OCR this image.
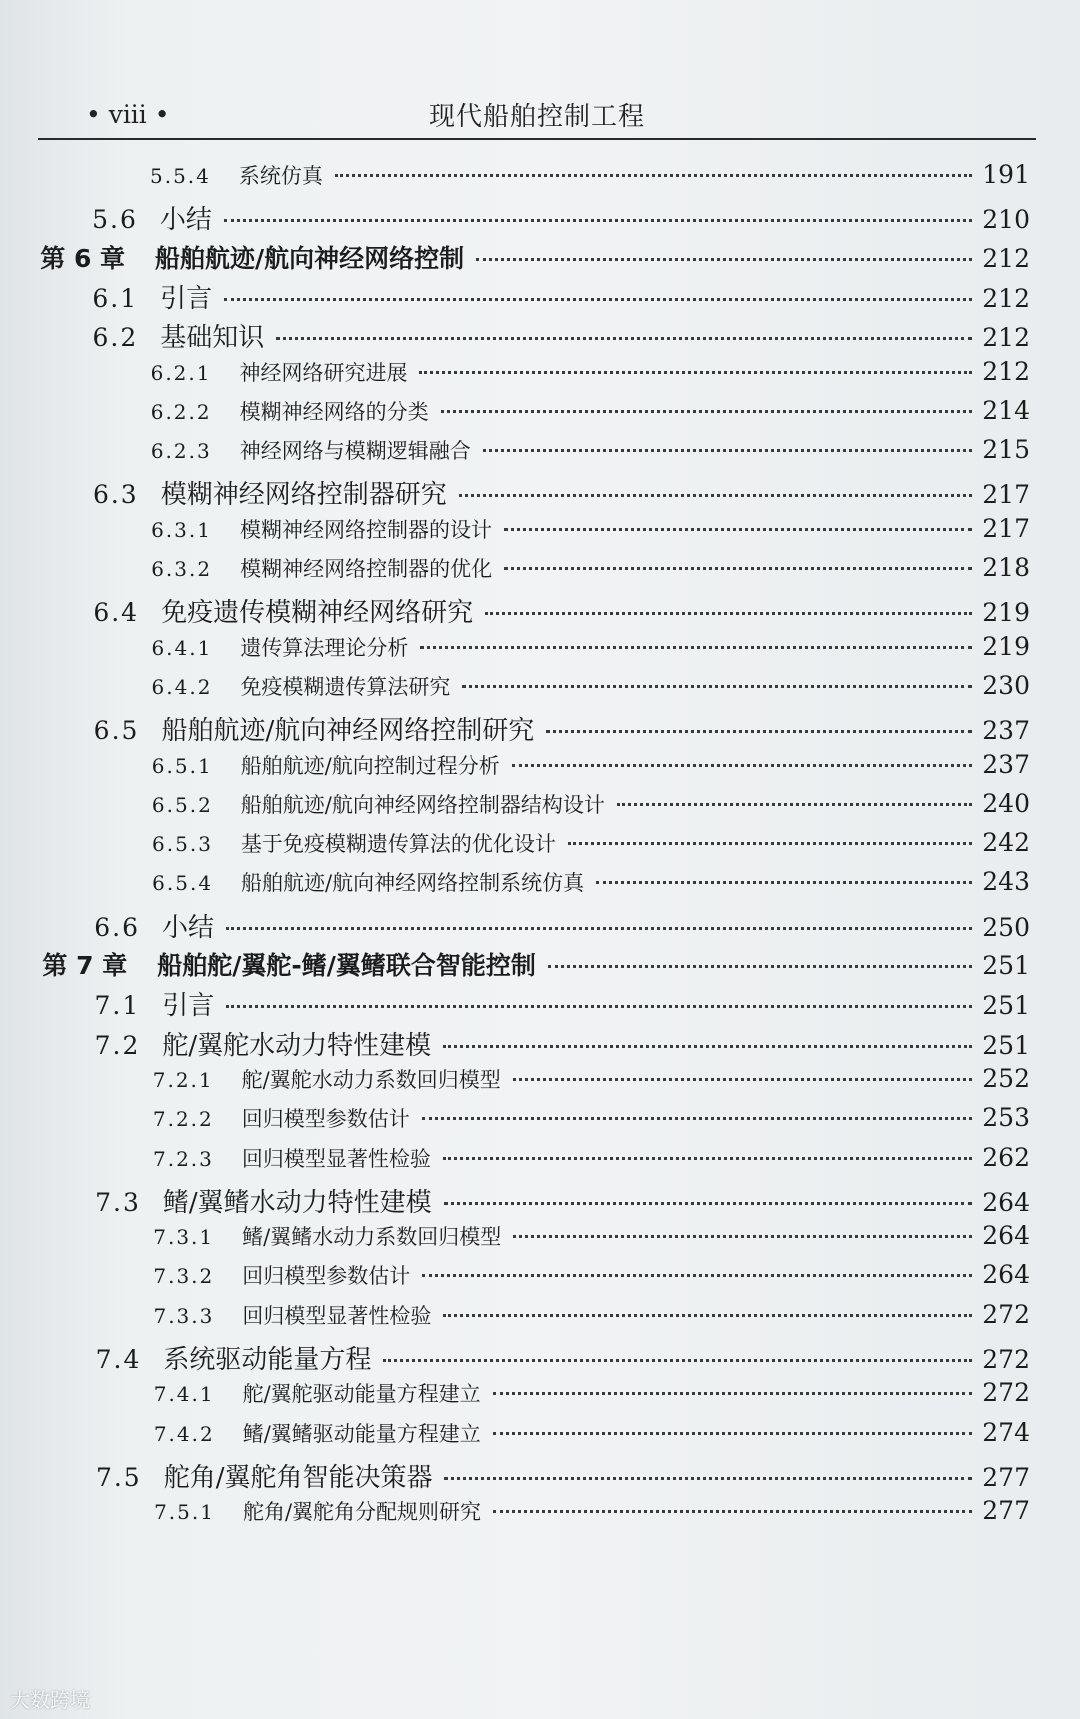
• viii •	现代船舶控制工程
5.5.4 系统仿真	191
5.6 小结	210
第 6 章 船舶航迹/航向神经网络控制	212
6.1 引言	212
6.2 基础知识	212
6.2.1 神经网络研究进展	212
6.2.2 模糊神经网络的分类	214
6.2.3 神经网络与模糊逻辑融合	215
6.3 模糊神经网络控制器研究	217
6.3.1 模糊神经网络控制器的设计	217
6.3.2 模糊神经网络控制器的优化	218
6.4 免疫遗传模糊神经网络研究	219
6.4.1 遗传算法理论分析	219
6.4.2 免疫模糊遗传算法研究	230
6.5 船舶航迹/航向神经网络控制研究	237
6.5.1 船舶航迹/航向控制过程分析	237
6.5.2 船舶航迹/航向神经网络控制器结构设计	240
6.5.3 基于免疫模糊遗传算法的优化设计	242
6.5.4 船舶航迹/航向神经网络控制系统仿真	243
6.6 小结	250
第 7 章 船舶舵/翼舵-鳍/翼鳍联合智能控制	251
7.1 引言	251
7.2 舵/翼舵水动力特性建模	251
7.2.1 舵/翼舵水动力系数回归模型	252
7.2.2 回归模型参数估计	253
7.2.3 回归模型显著性检验	262
7.3 鳍/翼鳍水动力特性建模	264
7.3.1 鳍/翼鳍水动力系数回归模型	264
7.3.2 回归模型参数估计	264
7.3.3 回归模型显著性检验	272
7.4 系统驱动能量方程	272
7.4.1 舵/翼舵驱动能量方程建立	272
7.4.2 鳍/翼鳍驱动能量方程建立	274
7.5 舵角/翼舵角智能决策器	277
7.5.1 舵角/翼舵角分配规则研究	277
大数跨境
